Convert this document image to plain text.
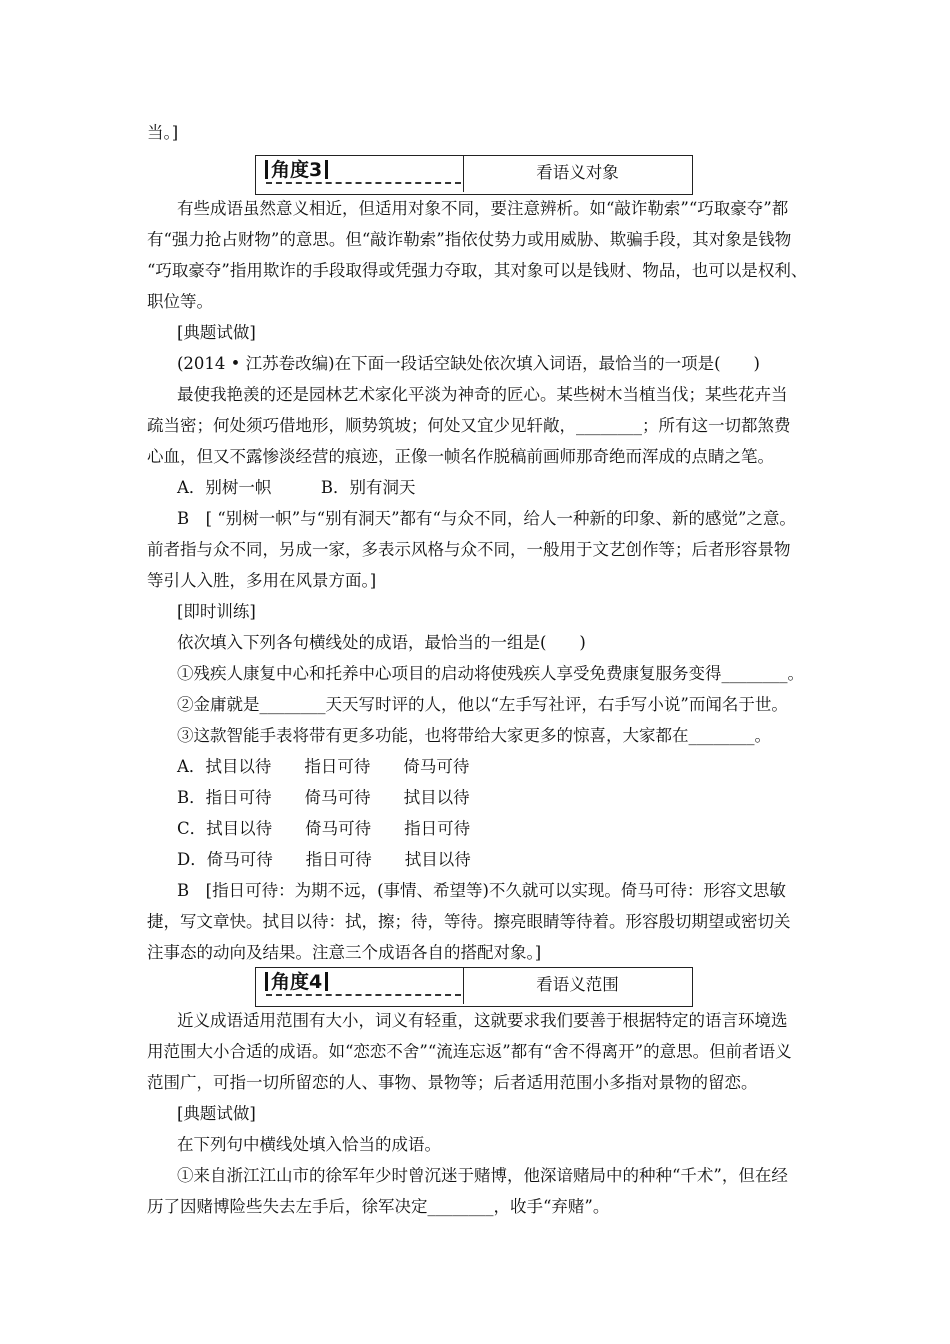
当。]
角度3	看语义对象
有些成语虽然意义相近，但适用对象不同，要注意辨析。如“敲诈勒索”“巧取豪夺”都
有“强力抢占财物”的意思。但“敲诈勒索”指依仗势力或用威胁、欺骗手段，其对象是钱物
“巧取豪夺”指用欺诈的手段取得或凭强力夺取，其对象可以是钱财、物品，也可以是权利、
职位等。
[典题试做]
(2014 • 江苏卷改编)在下面一段话空缺处依次填入词语，最恰当的一项是(　　)
最使我艳羡的还是园林艺术家化平淡为神奇的匠心。某些树木当植当伐；某些花卉当
疏当密；何处须巧借地形，顺势筑坡；何处又宜少见轩敞，________；所有这一切都煞费
心血，但又不露惨淡经营的痕迹，正像一帧名作脱稿前画师那奇绝而浑成的点睛之笔。
A．别树一帜　　　B．别有洞天
B　[ “别树一帜”与“别有洞天”都有“与众不同，给人一种新的印象、新的感觉”之意。
前者指与众不同，另成一家，多表示风格与众不同，一般用于文艺创作等；后者形容景物
等引人入胜，多用在风景方面。]
[即时训练]
依次填入下列各句横线处的成语，最恰当的一组是(　　)
①残疾人康复中心和托养中心项目的启动将使残疾人享受免费康复服务变得________。
②金庸就是________天天写时评的人，他以“左手写社评，右手写小说”而闻名于世。
③这款智能手表将带有更多功能，也将带给大家更多的惊喜，大家都在________。
A．拭目以待　　指日可待　　倚马可待
B．指日可待　　倚马可待　　拭目以待
C．拭目以待　　倚马可待　　指日可待
D．倚马可待　　指日可待　　拭目以待
B　[指日可待：为期不远，(事情、希望等)不久就可以实现。倚马可待：形容文思敏
捷，写文章快。拭目以待：拭，擦；待，等待。擦亮眼睛等待着。形容殷切期望或密切关
注事态的动向及结果。注意三个成语各自的搭配对象。]
角度4	看语义范围
近义成语适用范围有大小，词义有轻重，这就要求我们要善于根据特定的语言环境选
用范围大小合适的成语。如“恋恋不舍”“流连忘返”都有“舍不得离开”的意思。但前者语义
范围广，可指一切所留恋的人、事物、景物等；后者适用范围小多指对景物的留恋。
[典题试做]
在下列句中横线处填入恰当的成语。
①来自浙江江山市的徐军年少时曾沉迷于赌博，他深谙赌局中的种种“千术”，但在经
历了因赌博险些失去左手后，徐军决定________，收手“弃赌”。
